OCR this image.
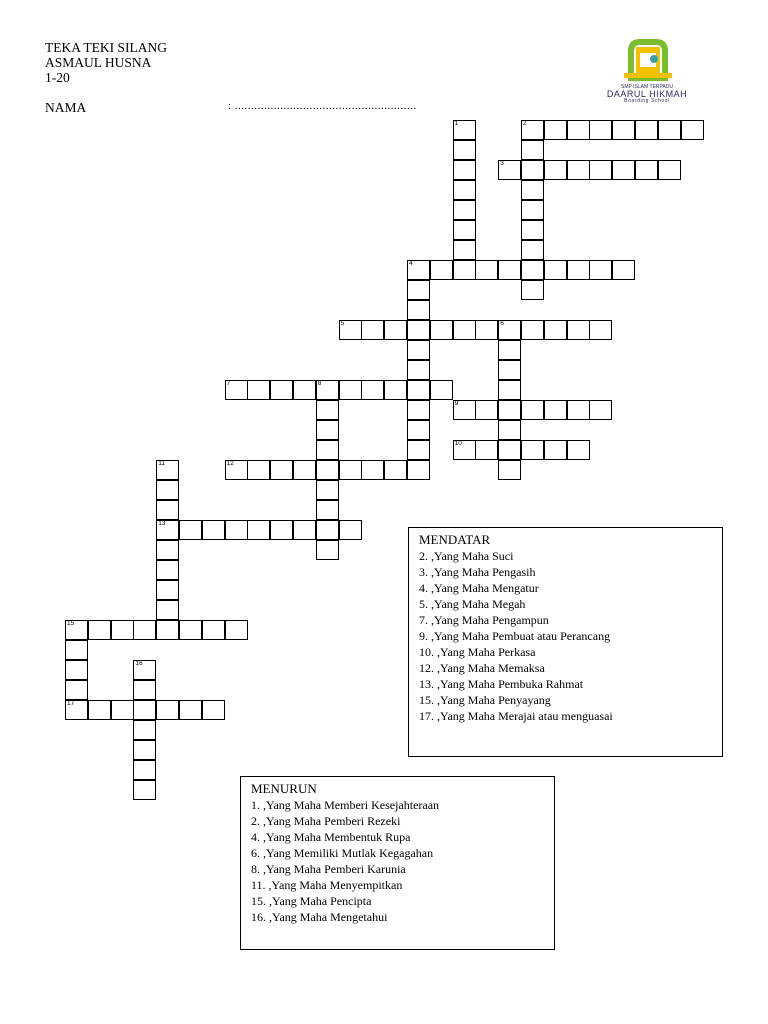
TEKA TEKI SILANG
ASMAUL HUSNA
1-20
NAMA	: ........................................................
SMP ISLAM TERPADU
DAARUL HIKMAH
Boarding School
1	2
4
6
8
11
13
15
17
16
3
5
7
9
10
12
MENDATAR
2. ,Yang Maha Suci
3. ,Yang Maha Pengasih
4. ,Yang Maha Mengatur
5. ,Yang Maha Megah
7. ,Yang Maha Pengampun
9. ,Yang Maha Pembuat atau Perancang
10. ,Yang Maha Perkasa
12. ,Yang Maha Memaksa
13. ,Yang Maha Pembuka Rahmat
15. ,Yang Maha Penyayang
17. ,Yang Maha Merajai atau menguasai
MENURUN
1. ,Yang Maha Memberi Kesejahteraan
2. ,Yang Maha Pemberi Rezeki
4. ,Yang Maha Membentuk Rupa
6. ,Yang Memiliki Mutlak Kegagahan
8. ,Yang Maha Pemberi Karunia
11. ,Yang Maha Menyempitkan
15. ,Yang Maha Pencipta
16. ,Yang Maha Mengetahui
